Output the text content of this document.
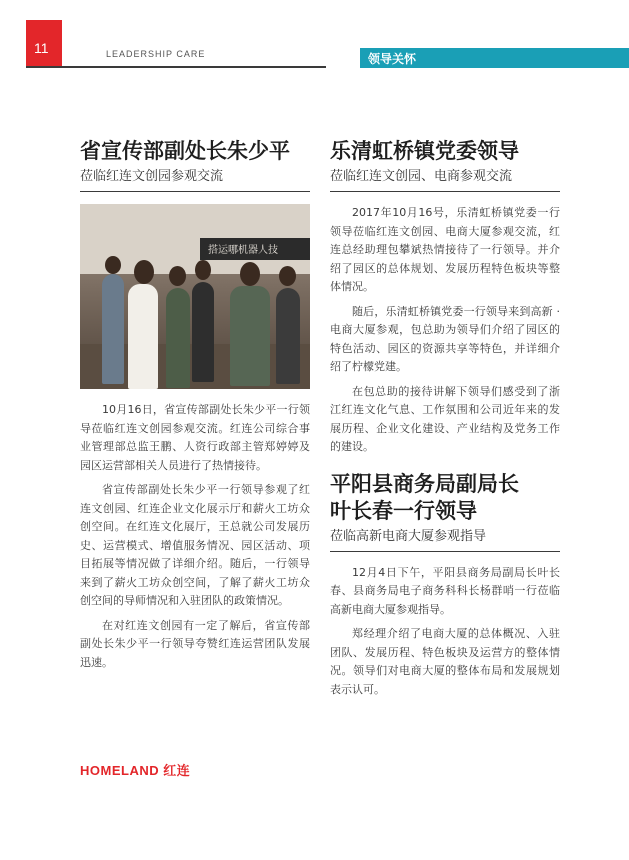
11	LEADERSHIP CARE	领导关怀
省宣传部副处长朱少平
莅临红连文创园参观交流
搭运哪机器人技

10月16日，省宣传部副处长朱少平一行领导莅临红连文创园参观交流。红连公司综合事业管理部总监王鹏、人资行政部主管郑婷婷及园区运营部相关人员进行了热情接待。

省宣传部副处长朱少平一行领导参观了红连文创园、红连企业文化展示厅和薪火工坊众创空间。在红连文化展厅，王总就公司发展历史、运营模式、增值服务情况、园区活动、项目拓展等情况做了详细介绍。随后，一行领导来到了薪火工坊众创空间，了解了薪火工坊众创空间的导师情况和入驻团队的政策情况。

在对红连文创园有一定了解后，省宣传部副处长朱少平一行领导夸赞红连运营团队发展迅速。

乐清虹桥镇党委领导
莅临红连文创园、电商参观交流

2017年10月16号，乐清虹桥镇党委一行领导莅临红连文创园、电商大厦参观交流，红连总经助理包攀斌热情接待了一行领导。并介绍了园区的总体规划、发展历程特色板块等整体情况。

随后，乐清虹桥镇党委一行领导来到高新 · 电商大厦参观，包总助为领导们介绍了园区的特色活动、园区的资源共享等特色，并详细介绍了柠檬党建。

在包总助的接待讲解下领导们感受到了浙江红连文化气息、工作氛围和公司近年来的发展历程、企业文化建设、产业结构及党务工作的建设。

平阳县商务局副局长
叶长春一行领导
莅临高新电商大厦参观指导

12月4日下午，平阳县商务局副局长叶长春、县商务局电子商务科科长杨群哨一行莅临高新电商大厦参观指导。

郑经理介绍了电商大厦的总体概况、入驻团队、发展历程、特色板块及运营方的整体情况。领导们对电商大厦的整体布局和发展规划表示认可。

HOMELAND 红连
